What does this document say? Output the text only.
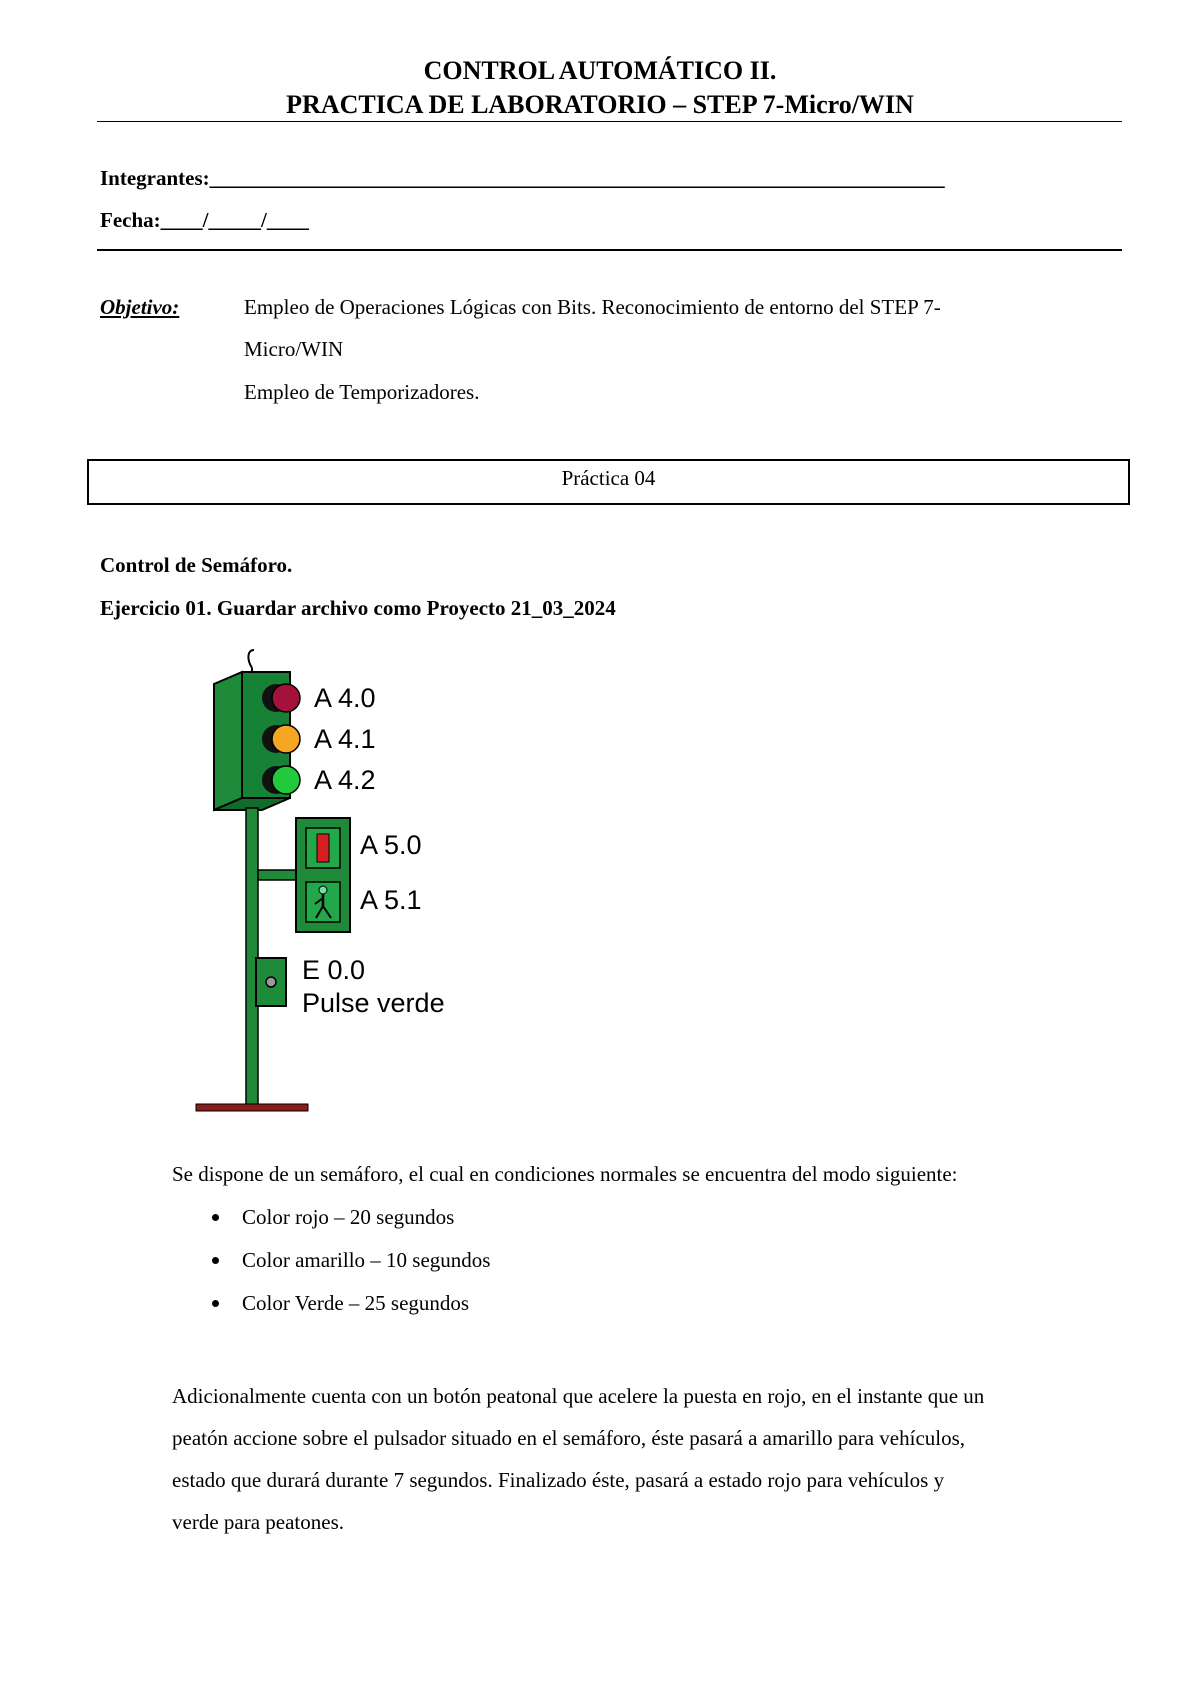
CONTROL AUTOMÁTICO II.
PRACTICA DE LABORATORIO – STEP 7-Micro/WIN
Integrantes:______________________________________________________________________
Fecha:____/_____/____
Objetivo:	Empleo de Operaciones Lógicas con Bits. Reconocimiento de entorno del STEP 7-
Micro/WIN
Empleo de Temporizadores.
Práctica 04
Control de Semáforo.
Ejercicio 01. Guardar archivo como Proyecto 21_03_2024
A 4.0
A 4.1
A 4.2
A 5.0
A 5.1
E 0.0
Pulse verde
Se dispone de un semáforo, el cual en condiciones normales se encuentra del modo siguiente:
Color rojo – 20 segundos
Color amarillo – 10 segundos
Color Verde – 25 segundos
Adicionalmente cuenta con un botón peatonal que acelere la puesta en rojo, en el instante que un
peatón accione sobre el pulsador situado en el semáforo, éste pasará a amarillo para vehículos,
estado que durará durante 7 segundos. Finalizado éste, pasará a estado rojo para vehículos y
verde para peatones.
